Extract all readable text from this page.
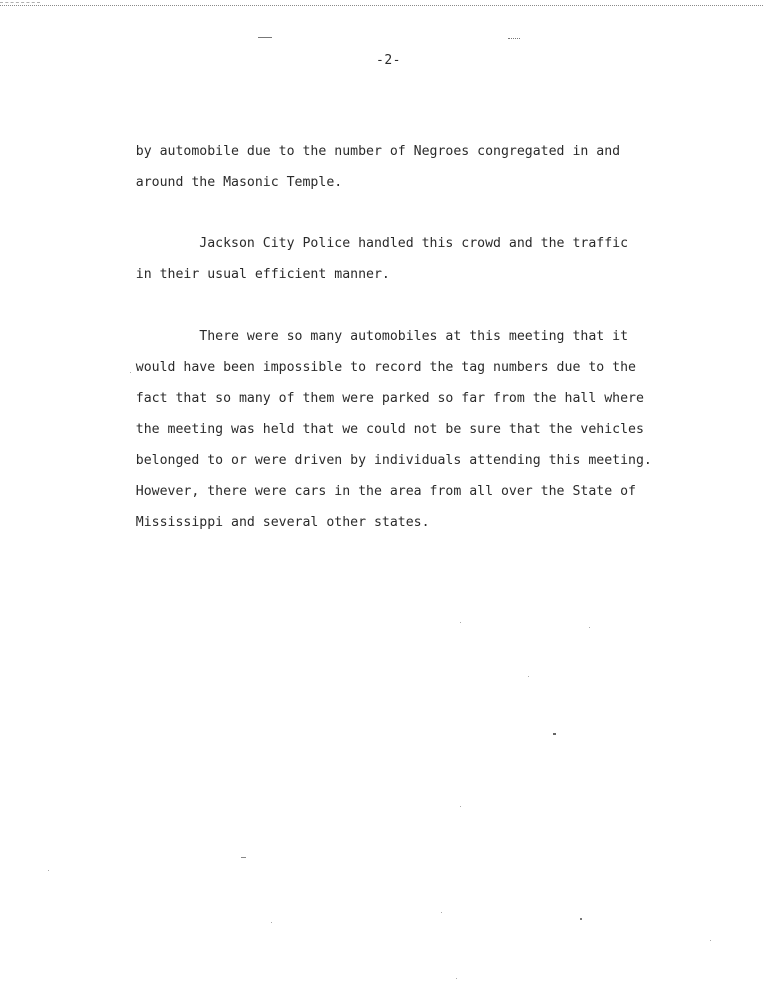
-2-

by automobile due to the number of Negroes congregated in and

around the Masonic Temple.

Jackson City Police handled this crowd and the traffic

in their usual efficient manner.

There were so many automobiles at this meeting that it

would have been impossible to record the tag numbers due to the

fact that so many of them were parked so far from the hall where

the meeting was held that we could not be sure that the vehicles

belonged to or were driven by individuals attending this meeting.

However, there were cars in the area from all over the State of

Mississippi and several other states.
